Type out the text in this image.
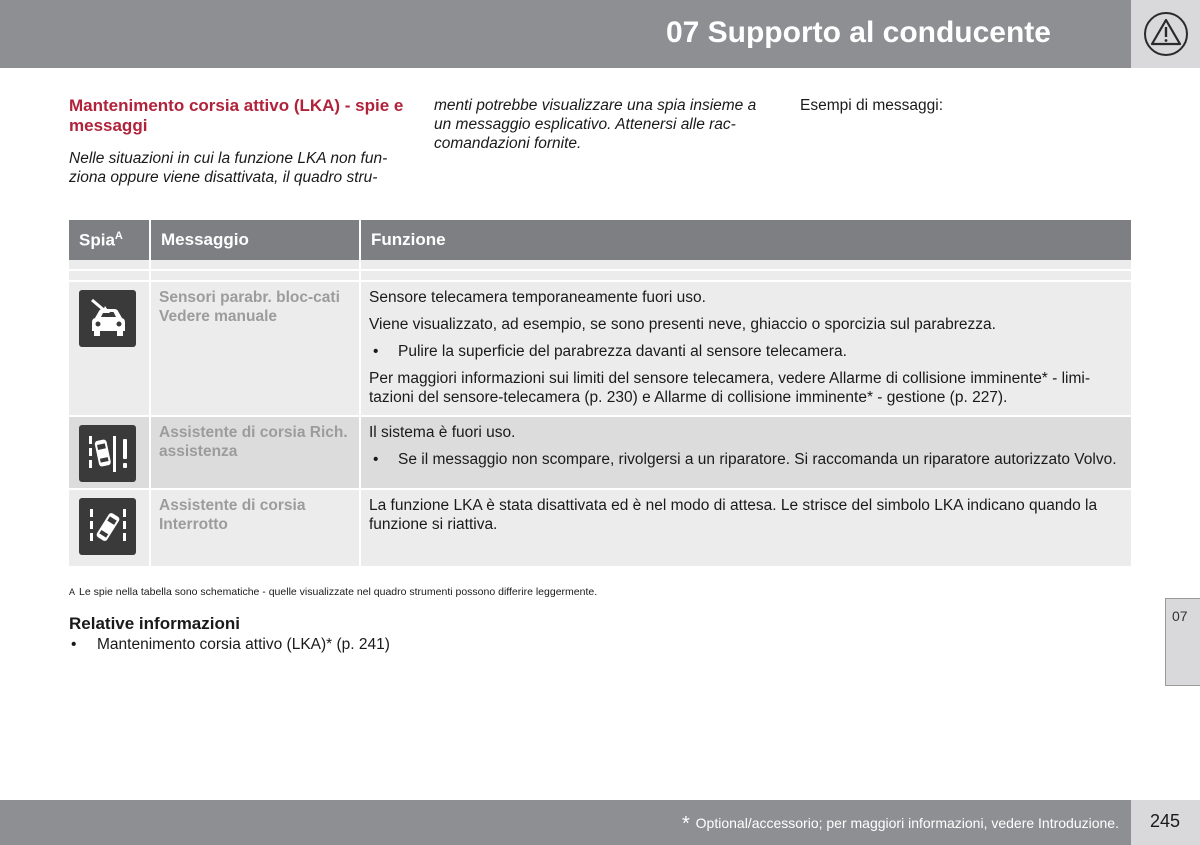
07 Supporto al conducente

Mantenimento corsia attivo (LKA) - spie e messaggi

Nelle situazioni in cui la funzione LKA non fun-ziona oppure viene disattivata, il quadro stru-

menti potrebbe visualizzare una spia insieme a un messaggio esplicativo. Attenersi alle rac-comandazioni fornite.

Esempi di messaggi:

Spia$^A$	Messaggio	Funzione

	Sensori parabr. bloc-cati Vedere manuale	Sensore telecamera temporaneamente fuori uso.

Viene visualizzato, ad esempio, se sono presenti neve, ghiaccio o sporcizia sul parabrezza.

• Pulire la superficie del parabrezza davanti al sensore telecamera.

Per maggiori informazioni sui limiti del sensore telecamera, vedere Allarme di collisione imminente* - limi-tazioni del sensore-telecamera (p. 230) e Allarme di collisione imminente* - gestione (p. 227).

	Assistente di corsia Rich. assistenza	Il sistema è fuori uso.

• Se il messaggio non scompare, rivolgersi a un riparatore. Si raccomanda un riparatore autorizzato Volvo.

	Assistente di corsia Interrotto	La funzione LKA è stata disattivata ed è nel modo di attesa. Le strisce del simbolo LKA indicano quando la funzione si riattiva.

A Le spie nella tabella sono schematiche - quelle visualizzate nel quadro strumenti possono differire leggermente.

Relative informazioni

• Mantenimento corsia attivo (LKA)* (p. 241)
07
* Optional/accessorio; per maggiori informazioni, vedere Introduzione. 245
